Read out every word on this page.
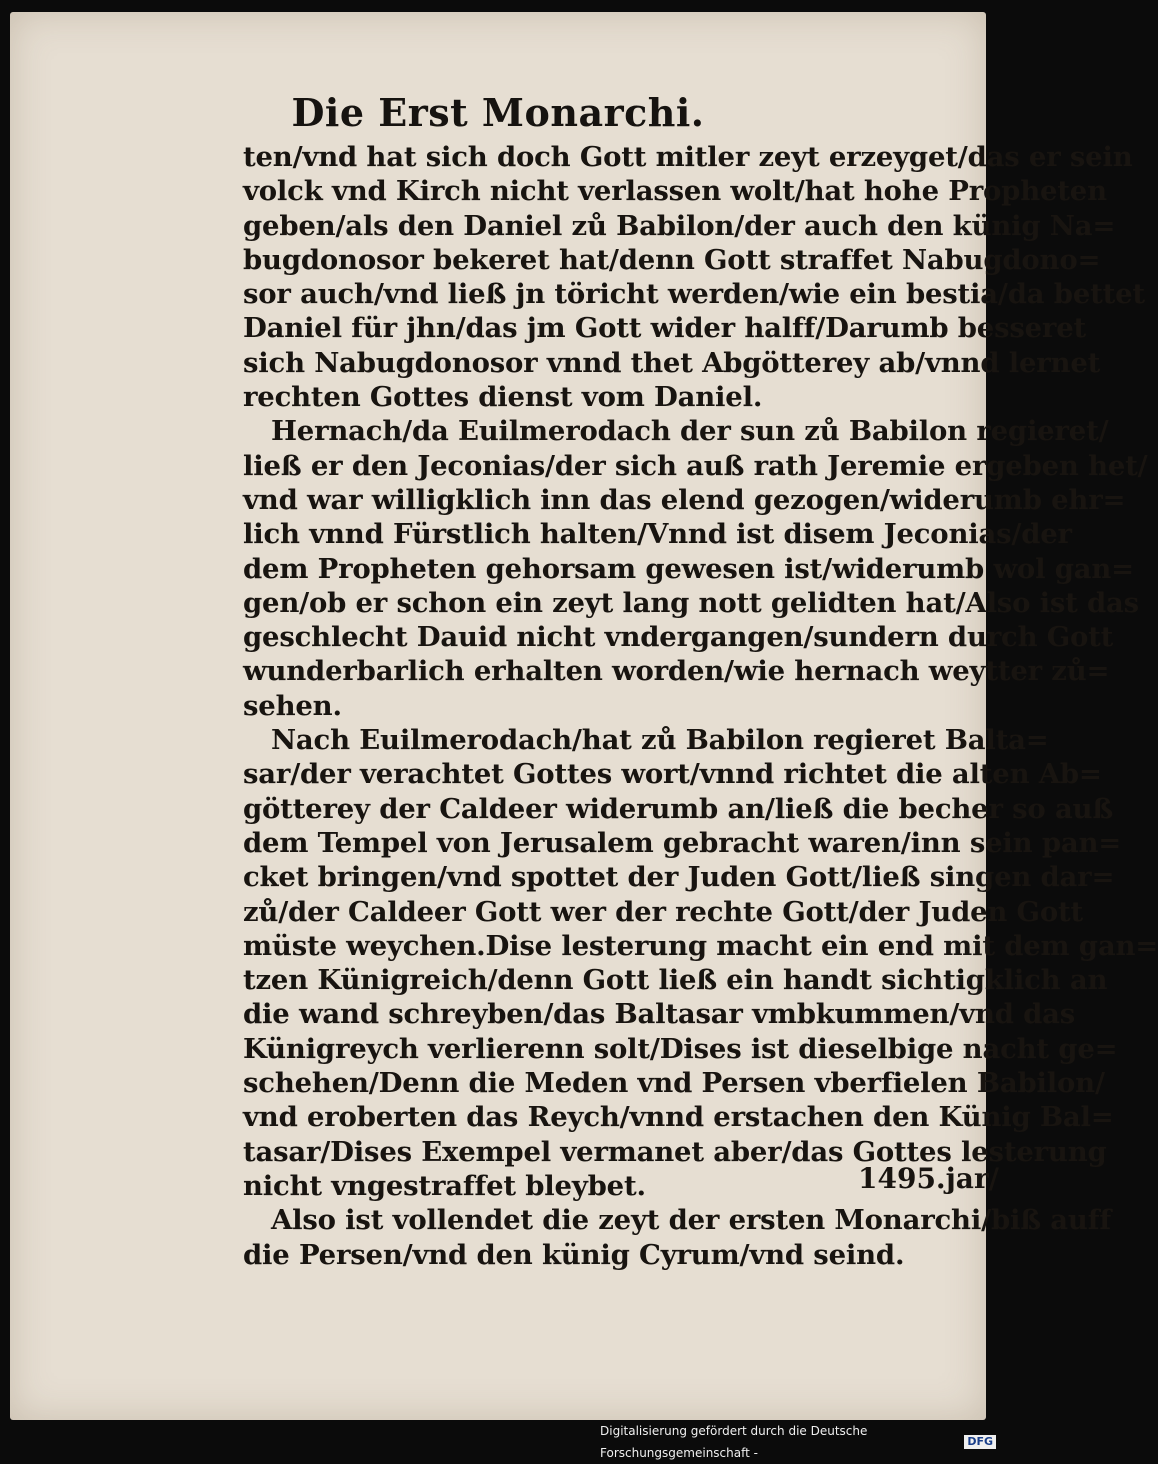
Die Erst Monarchi.
ten/vnd hat sich doch Gott mitler zeyt erzeyget/das er sein
volck vnd Kirch nicht verlassen wolt/hat hohe Propheten
geben/als den Daniel zů Babilon/der auch den künig Na=
bugdonosor bekeret hat/denn Gott straffet Nabugdono=
sor auch/vnd ließ jn töricht werden/wie ein bestia/da bettet
Daniel für jhn/das jm Gott wider halff/Darumb besseret
sich Nabugdonosor vnnd thet Abgötterey ab/vnnd lernet
rechten Gottes dienst vom Daniel.
Hernach/da Euilmerodach der sun zů Babilon regieret/
ließ er den Jeconias/der sich auß rath Jeremie ergeben het/
vnd war willigklich inn das elend gezogen/widerumb ehr=
lich vnnd Fürstlich halten/Vnnd ist disem Jeconias/der
dem Propheten gehorsam gewesen ist/widerumb wol gan=
gen/ob er schon ein zeyt lang nott gelidten hat/Also ist das
geschlecht Dauid nicht vndergangen/sundern durch Gott
wunderbarlich erhalten worden/wie hernach weytter zů=
sehen.
Nach Euilmerodach/hat zů Babilon regieret Balta=
sar/der verachtet Gottes wort/vnnd richtet die alten Ab=
götterey der Caldeer widerumb an/ließ die becher so auß
dem Tempel von Jerusalem gebracht waren/inn sein pan=
cket bringen/vnd spottet der Juden Gott/ließ singen dar=
zů/der Caldeer Gott wer der rechte Gott/der Juden Gott
müste weychen.Dise lesterung macht ein end mit dem gan=
tzen Künigreich/denn Gott ließ ein handt sichtigklich an
die wand schreyben/das Baltasar vmbkummen/vnd das
Künigreych verlierenn solt/Dises ist dieselbige nacht ge=
schehen/Denn die Meden vnd Persen vberfielen Babilon/
vnd eroberten das Reych/vnnd erstachen den Künig Bal=
tasar/Dises Exempel vermanet aber/das Gottes lesterung
nicht vngestraffet bleybet.
Also ist vollendet die zeyt der ersten Monarchi/biß auff
die Persen/vnd den künig Cyrum/vnd seind.
1495.jar/
Digitalisierung gefördert durch die Deutsche Forschungsgemeinschaft -
DFG
